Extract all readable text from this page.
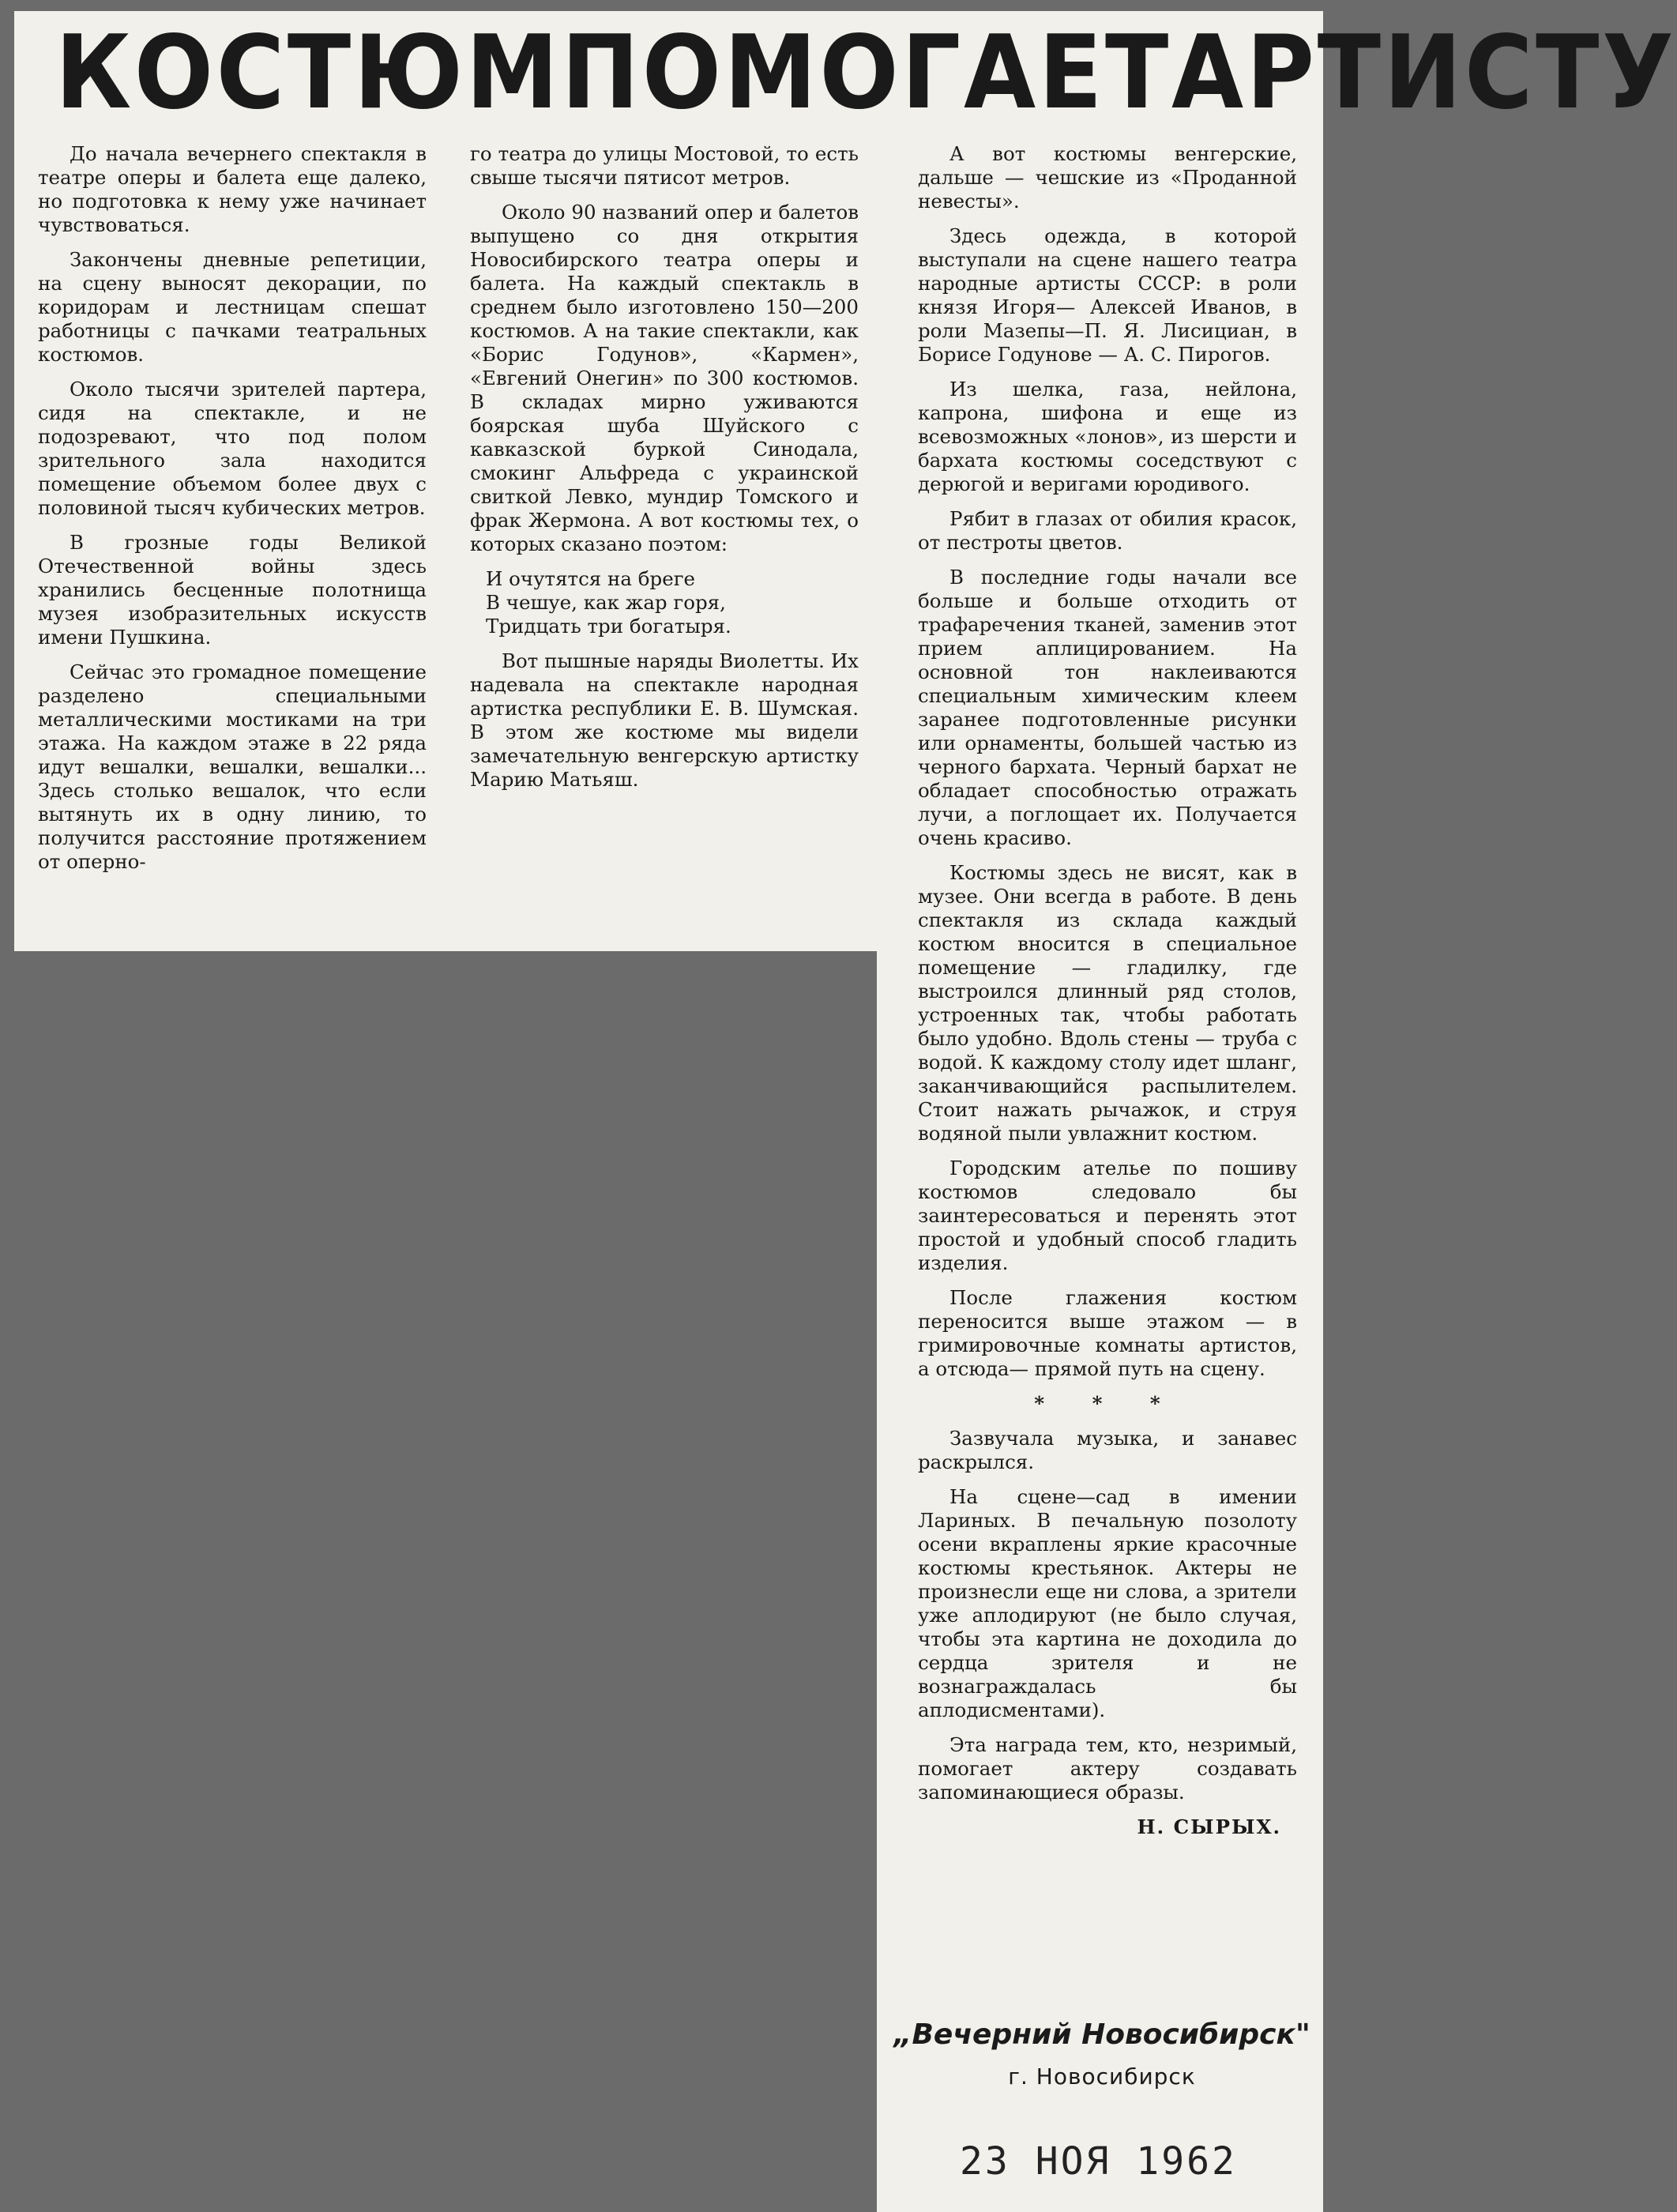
КОСТЮМ ПОМОГАЕТ АРТИСТУ

До начала вечернего спектакля в театре оперы и балета еще далеко, но подготовка к нему уже начинает чувствоваться.

Закончены дневные репетиции, на сцену выносят декорации, по коридорам и лестницам спешат работницы с пачками театральных костюмов.

Около тысячи зрителей партера, сидя на спектакле, и не подозревают, что под полом зрительного зала находится помещение объемом более двух с половиной тысяч кубических метров.

В грозные годы Великой Отечественной войны здесь хранились бесценные полотнища музея изобразительных искусств имени Пушкина.

Сейчас это громадное помещение разделено специальными металлическими мостиками на три этажа. На каждом этаже в 22 ряда идут вешалки, вешалки, вешалки... Здесь столько вешалок, что если вытянуть их в одну линию, то получится расстояние протяжением от оперно-

го театра до улицы Мостовой, то есть свыше тысячи пятисот метров.

Около 90 названий опер и балетов выпущено со дня открытия Новосибирского театра оперы и балета. На каждый спектакль в среднем было изготовлено 150—200 костюмов. А на такие спектакли, как «Борис Годунов», «Кармен», «Евгений Онегин» по 300 костюмов. В складах мирно уживаются боярская шуба Шуйского с кавказской буркой Синодала, смокинг Альфреда с украинской свиткой Левко, мундир Томского и фрак Жермона. А вот костюмы тех, о которых сказано поэтом:

И очутятся на бреге
В чешуе, как жар горя,
Тридцать три богатыря.

Вот пышные наряды Виолетты. Их надевала на спектакле народная артистка республики Е. В. Шумская. В этом же костюме мы видели замечательную венгерскую артистку Марию Матьяш.

А вот костюмы венгерские, дальше — чешские из «Проданной невесты».

Здесь одежда, в которой выступали на сцене нашего театра народные артисты СССР: в роли князя Игоря— Алексей Иванов, в роли Мазепы—П. Я. Лисициан, в Борисе Годунове — А. С. Пирогов.

Из шелка, газа, нейлона, капрона, шифона и еще из всевозможных «лонов», из шерсти и бархата костюмы соседствуют с дерюгой и веригами юродивого.

Рябит в глазах от обилия красок, от пестроты цветов.

В последние годы начали все больше и больше отходить от трафаречения тканей, заменив этот прием аплицированием. На основной тон наклеиваются специальным химическим клеем заранее подготовленные рисунки или орнаменты, большей частью из черного бархата. Черный бархат не обладает способностью отражать лучи, а поглощает их. Получается очень красиво.

Костюмы здесь не висят, как в музее. Они всегда в работе. В день спектакля из склада каждый костюм вносится в специальное помещение — гладилку, где выстроился длинный ряд столов, устроенных так, чтобы работать было удобно. Вдоль стены — труба с водой. К каждому столу идет шланг, заканчивающийся распылителем. Стоит нажать рычажок, и струя водяной пыли увлажнит костюм.

Городским ателье по пошиву костюмов следовало бы заинтересоваться и перенять этот простой и удобный способ гладить изделия.

После глажения костюм переносится выше этажом — в гримировочные комнаты артистов, а отсюда— прямой путь на сцену.

* * *

Зазвучала музыка, и занавес раскрылся.

На сцене—сад в имении Лариных. В печальную позолоту осени вкраплены яркие красочные костюмы крестьянок. Актеры не произнесли еще ни слова, а зрители уже аплодируют (не было случая, чтобы эта картина не доходила до сердца зрителя и не вознаграждалась бы аплодисментами).

Эта награда тем, кто, незримый, помогает актеру создавать запоминающиеся образы.

Н. СЫРЫХ.
„Вечерний Новосибирск"
г. Новосибирск
23 НОЯ 1962
